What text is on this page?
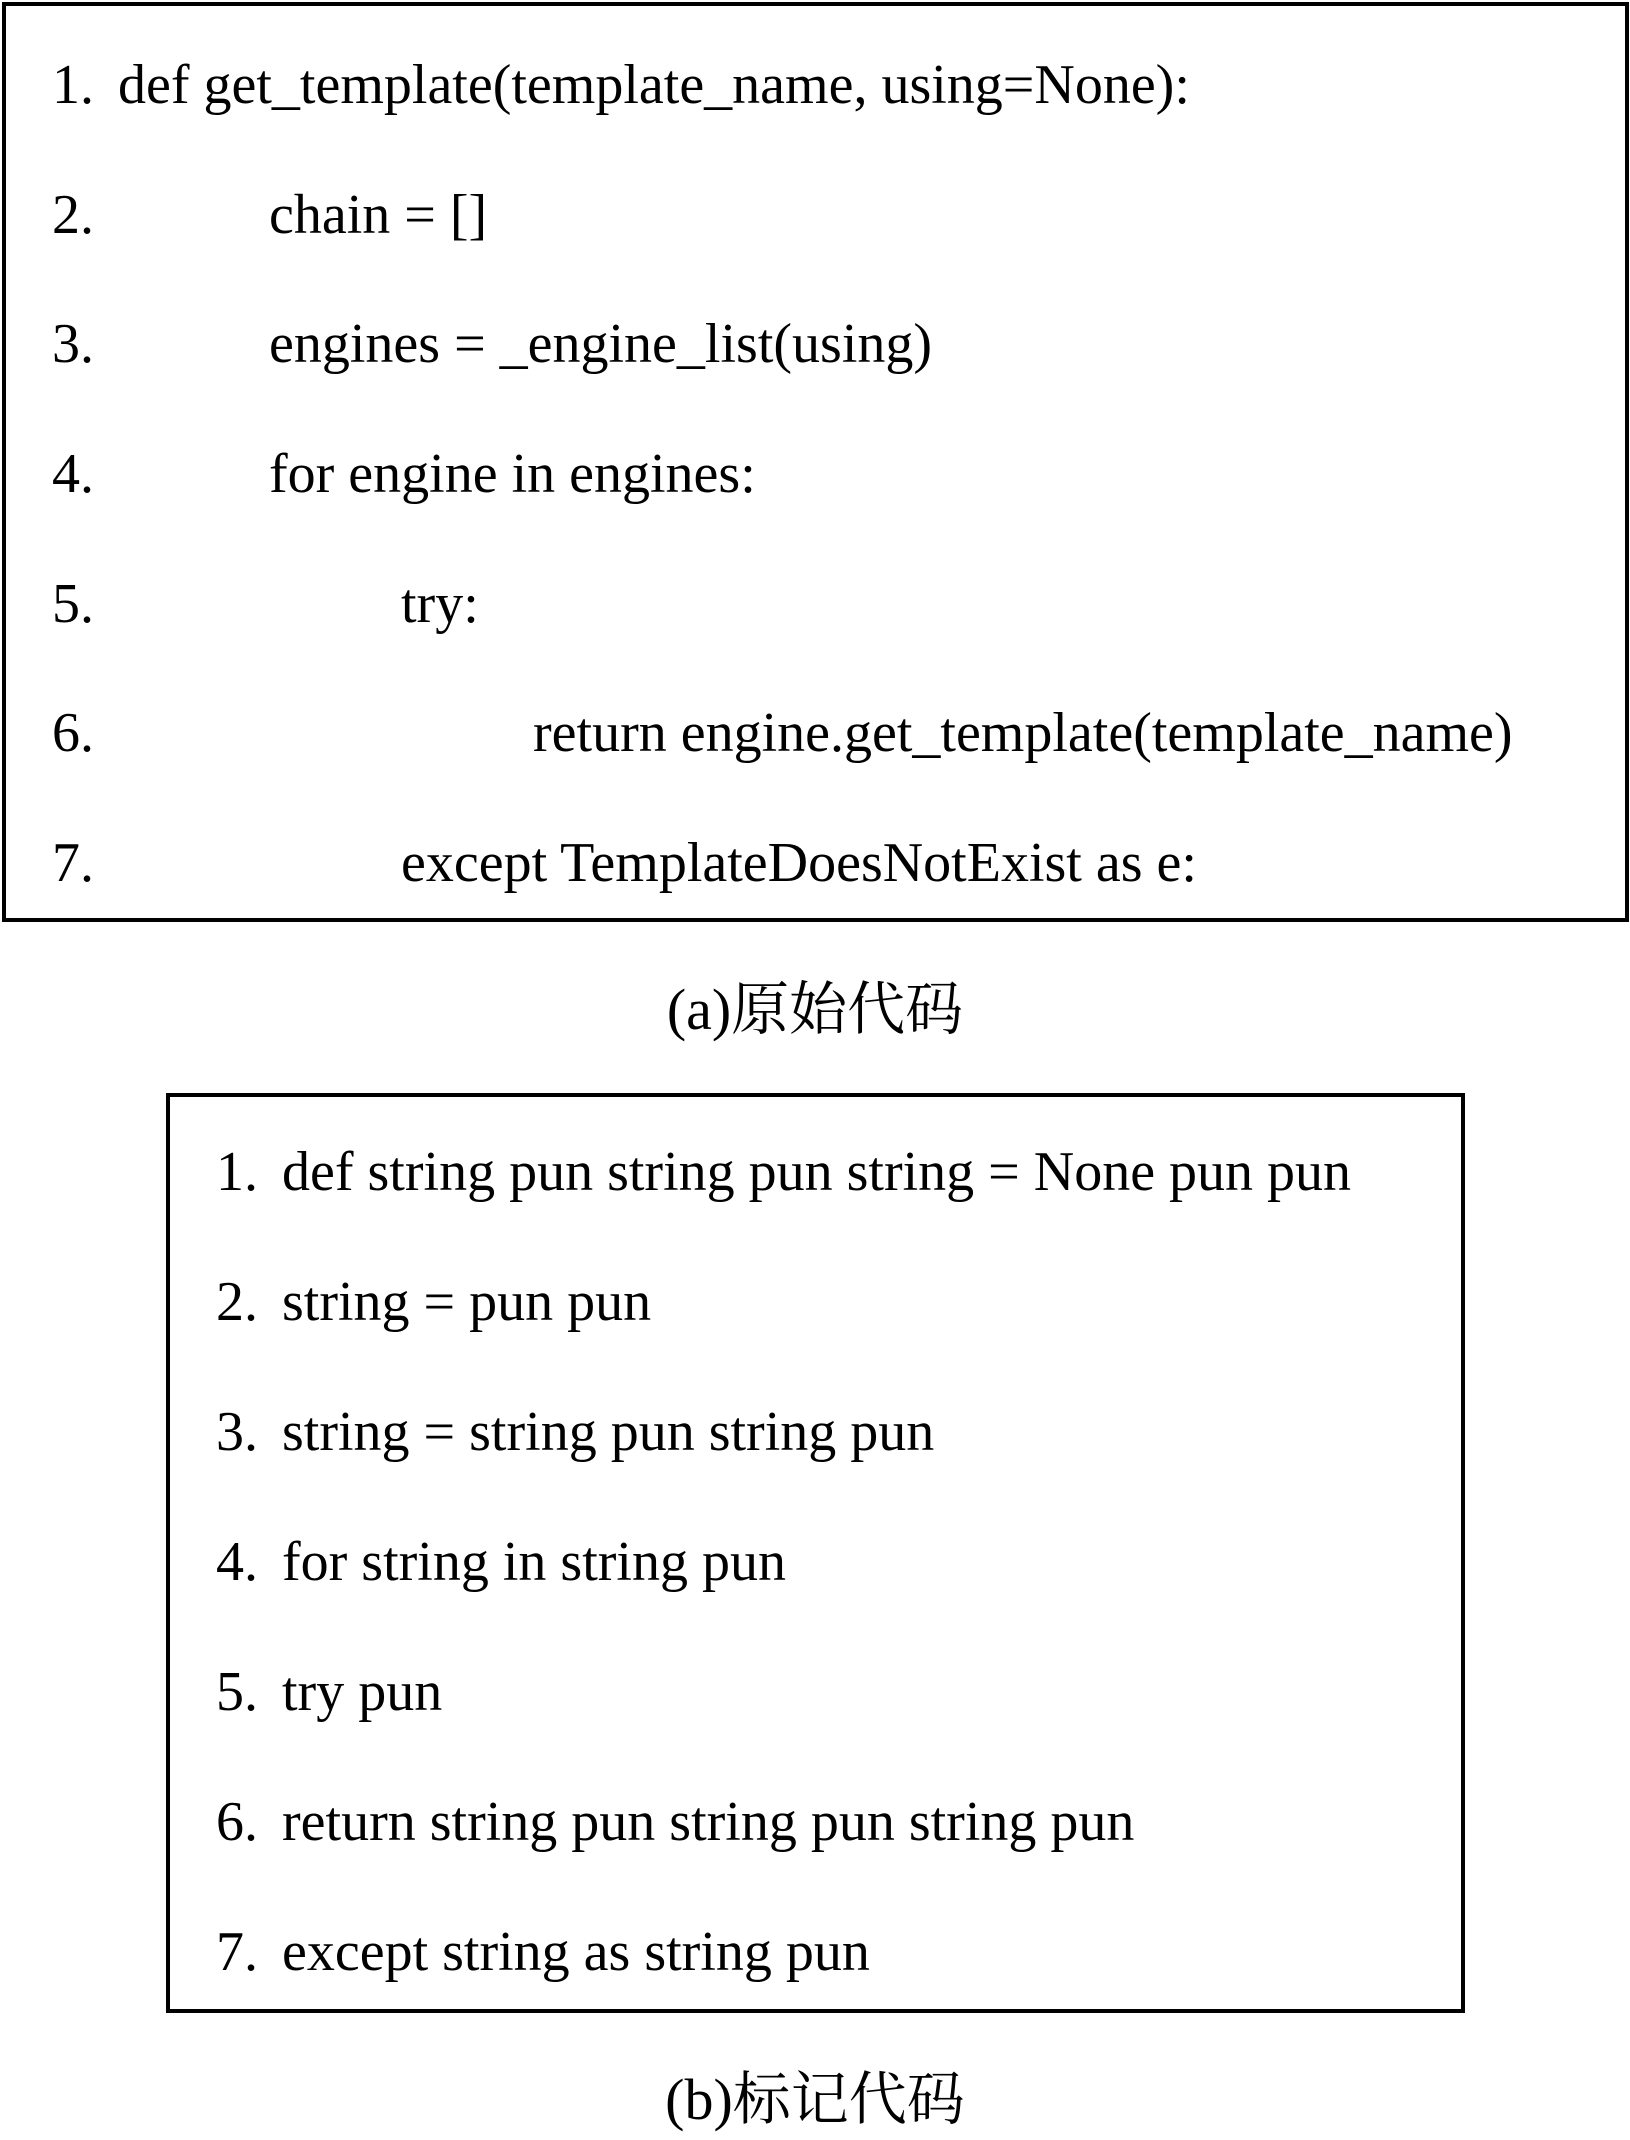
1. def get_template(template_name, using=None):
2.	chain = []
3.	engines = _engine_list(using)
4.	for engine in engines:
5.	try:
6.	return engine.get_template(template_name)
7.	except TemplateDoesNotExist as e:
(a)原始代码
1. def string pun string pun string = None pun pun
2. string = pun pun
3. string = string pun string pun
4. for string in string pun
5. try pun
6. return string pun string pun string pun
7. except string as string pun
(b)标记代码
